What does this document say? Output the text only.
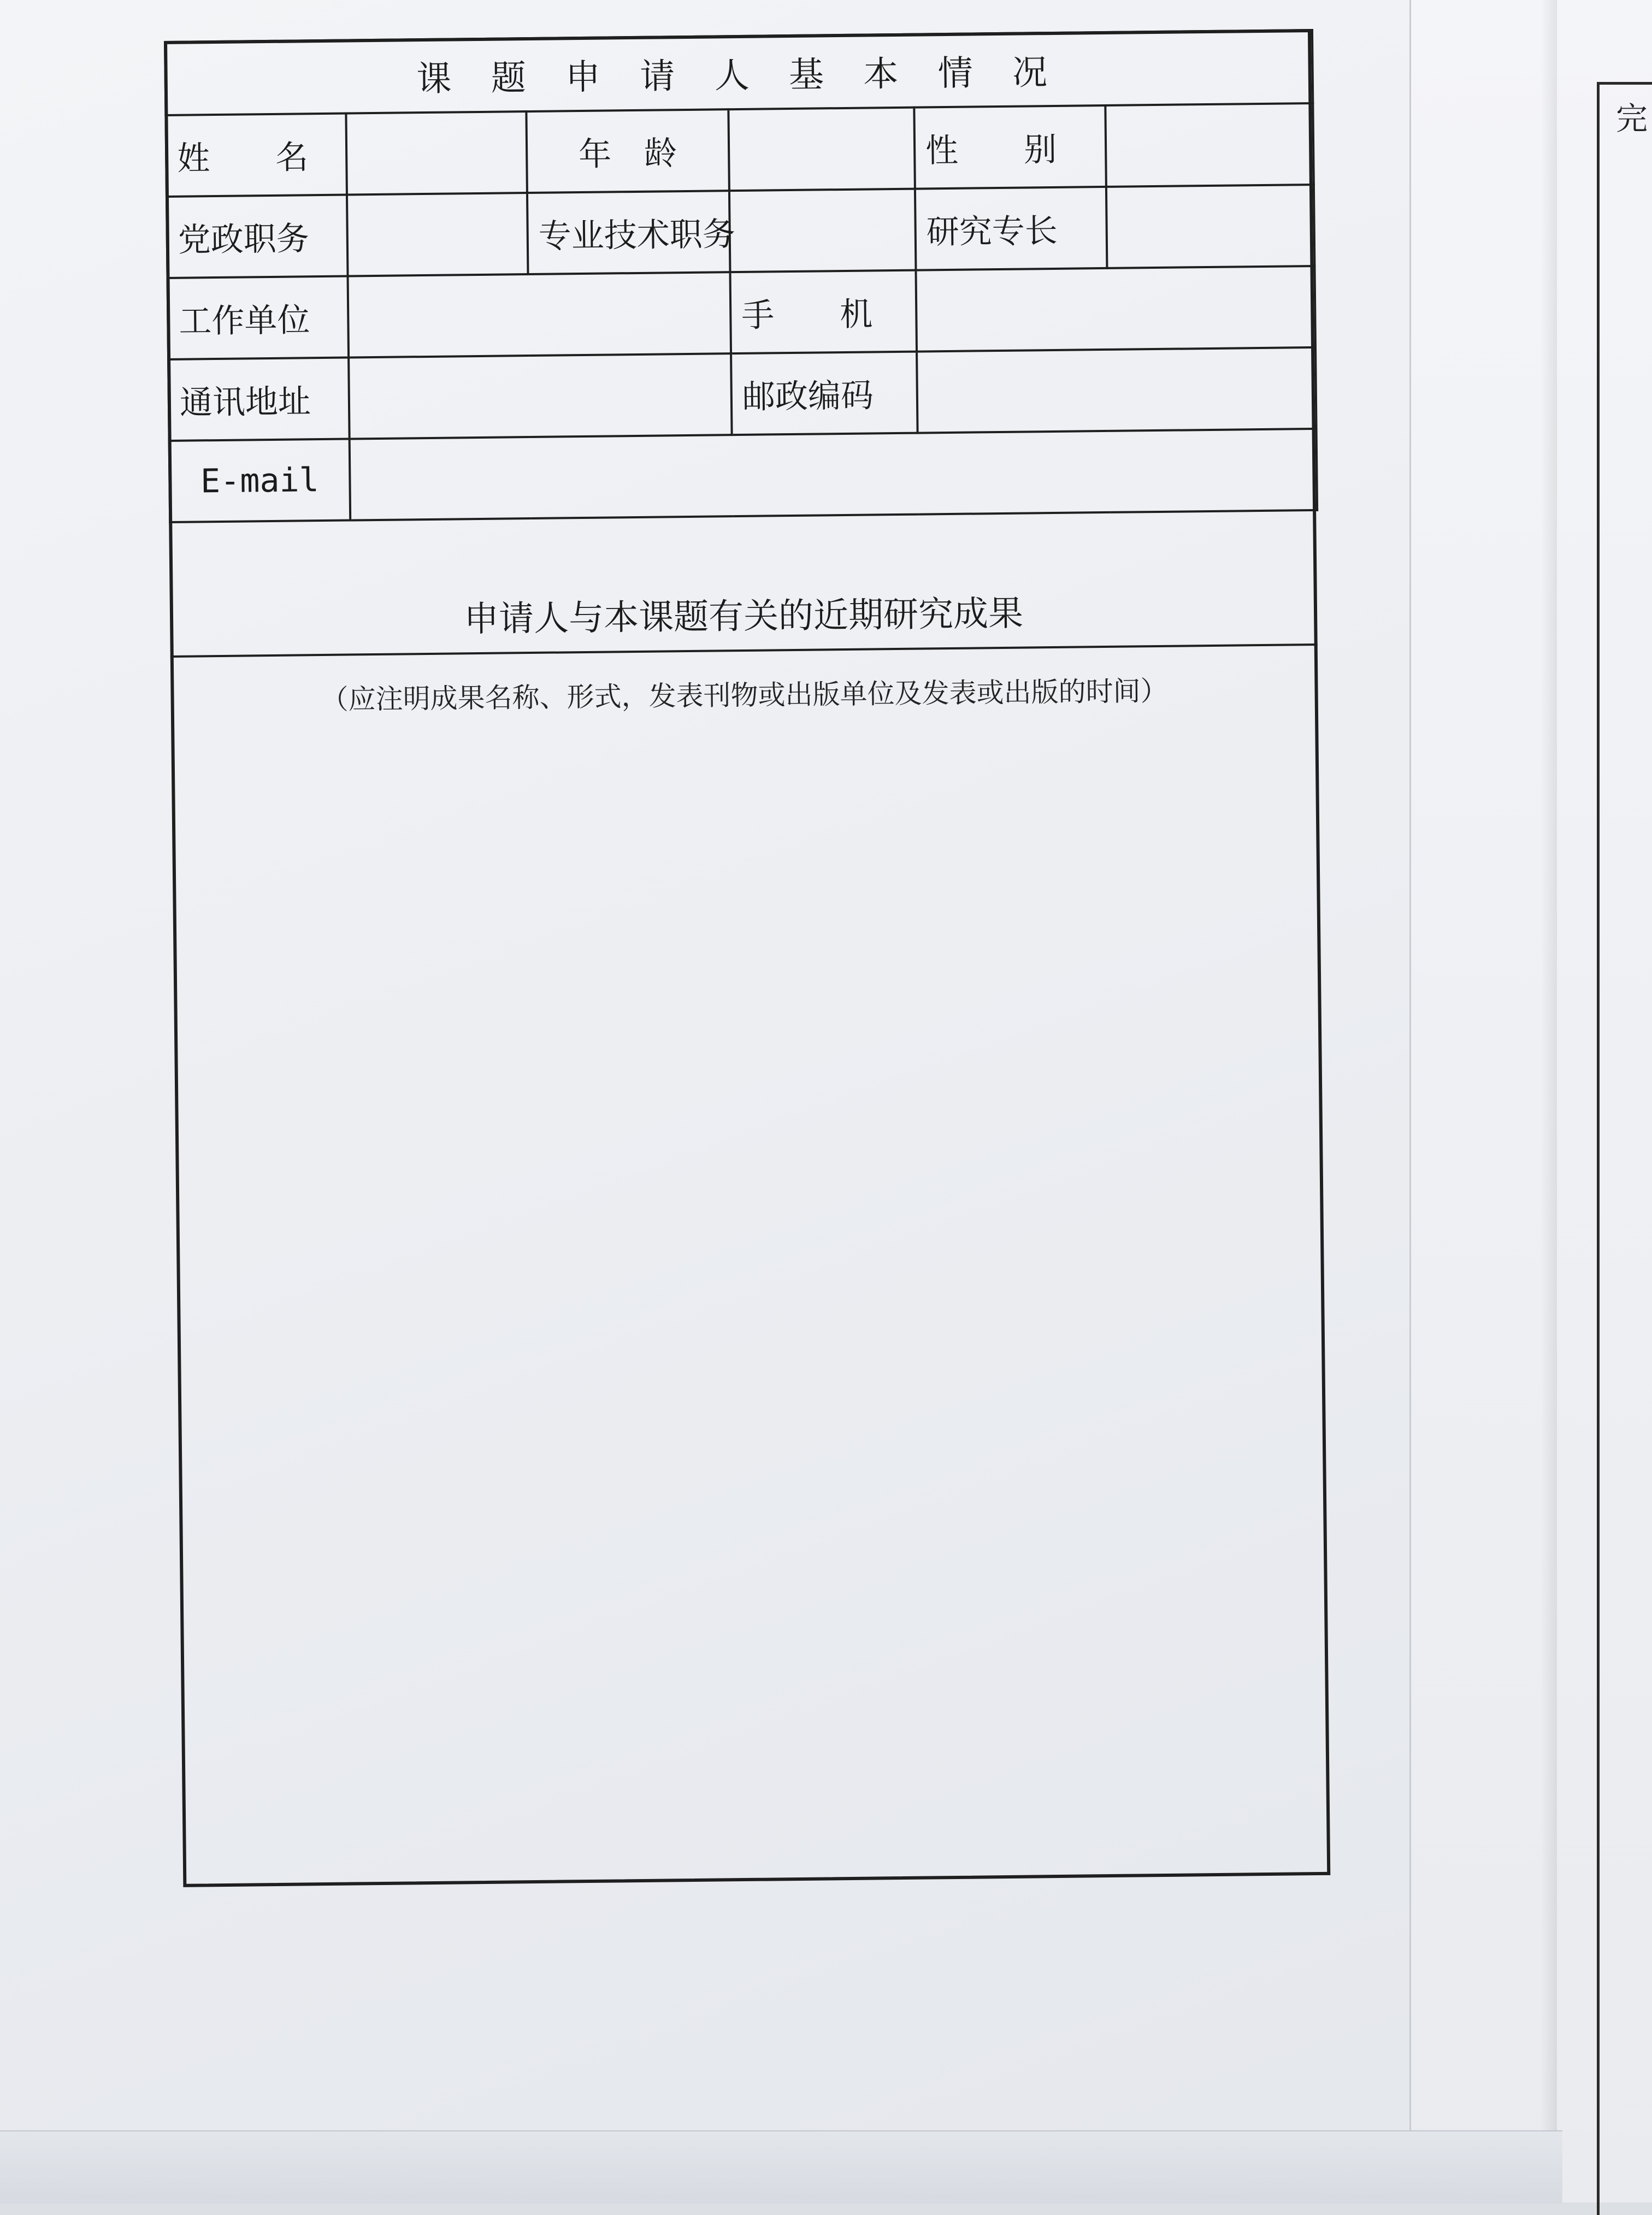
完
课 题 申 请 人 基 本 情 况					
姓　　名		年　龄		性　　别	
党政职务		专业技术职务		研究专长	
工作单位			手　　机		
通讯地址			邮政编码		
E-mail					
申请人与本课题有关的近期研究成果
（应注明成果名称、形式，发表刊物或出版单位及发表或出版的时间）
